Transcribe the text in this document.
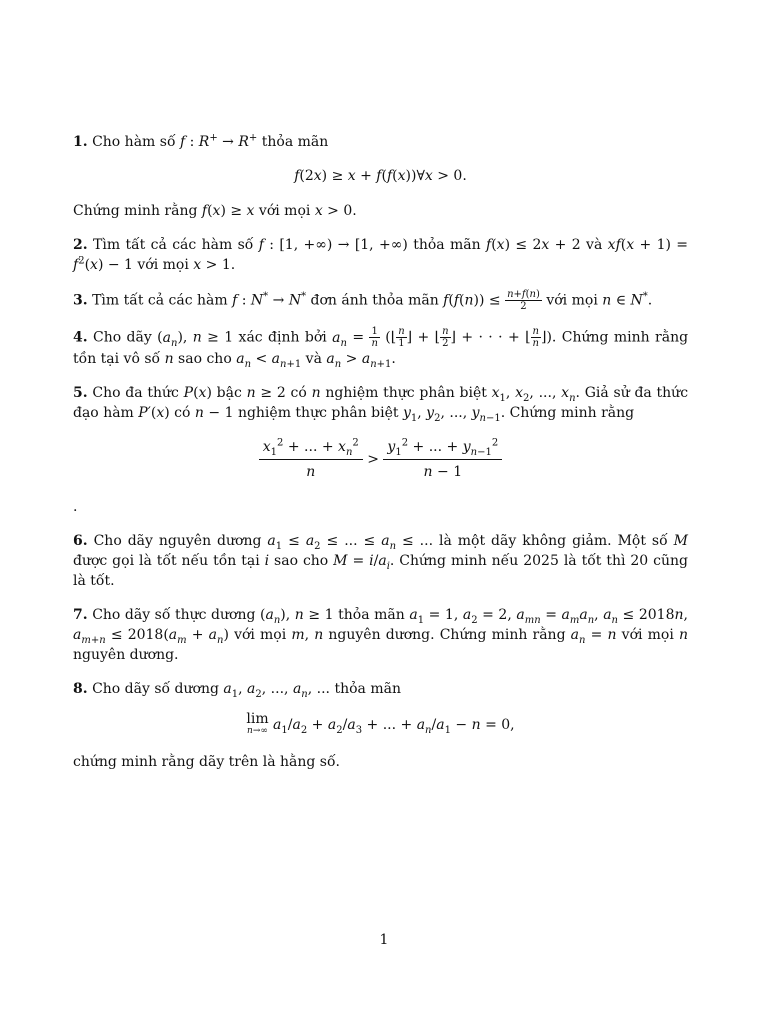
1. Cho hàm số f : R+ → R+ thỏa mãn

f(2x) ≥ x + f(f(x))∀x > 0.

Chứng minh rằng f(x) ≥ x với mọi x > 0.

2. Tìm tất cả các hàm số f : [1, +∞) → [1, +∞) thỏa mãn f(x) ≤ 2x + 2 và $xf(x + 1) = f^2(x) - 1$ với mọi x > 1.

3. Tìm tất cả các hàm f : N* → N* đơn ánh thỏa mãn $f(f(n)) \le \frac{n+f(n)}{2}$ với mọi n ∈ N*.

4. Cho dãy $(a_n)$, n ≥ 1 xác định bởi $a_n = \frac{1}{n}$ (⌊ $\frac{n}{1}$ ⌋ + ⌊ $\frac{n}{2}$ ⌋ + · · · + ⌊ $\frac{n}{n}$ ⌋). Chứng minh rằng tồn tại vô số n sao cho $a_n < a_{n+1}$ và $a_n > a_{n+1}$.

5. Cho đa thức P(x) bậc n ≥ 2 có n nghiệm thực phân biệt $x_1$, $x_2$, ..., $x_n$. Giả sử đa thức đạo hàm P′(x) có n − 1 nghiệm thực phân biệt $y_1$, $y_2$, ..., $y_{n-1}$. Chứng minh rằng

$\frac{x_1^2 + ... + x_n^2}{n} > \frac{y_1^2 + ... + y_{n-1}^2}{n - 1}$

.

6. Cho dãy nguyên dương $a_1 \le a_2$ ≤ ... ≤ $a_n$ ≤ ... là một dãy không giảm. Một số M được gọi là tốt nếu tồn tại i sao cho $M = i/a_i$. Chứng minh nếu 2025 là tốt thì 20 cũng là tốt.

7. Cho dãy số thực dương $(a_n)$, n ≥ 1 thỏa mãn $a_1 = 1$, $a_2 = 2$, $a_{mn} = a_ma_n$, $a_n \le 2018n$, $a_{m+n} \le 2018(a_m + a_n)$ với mọi m, n nguyên dương. Chứng minh rằng $a_n = n$ với mọi n nguyên dương.

8. Cho dãy số dương $a_1$, $a_2$, ..., $a_n$, ... thỏa mãn

lim
n→∞ $a_1/a_2 + a_2/a_3$ + ... + $a_n/a_1 - n = 0$,

chứng minh rằng dãy trên là hằng số.

1
